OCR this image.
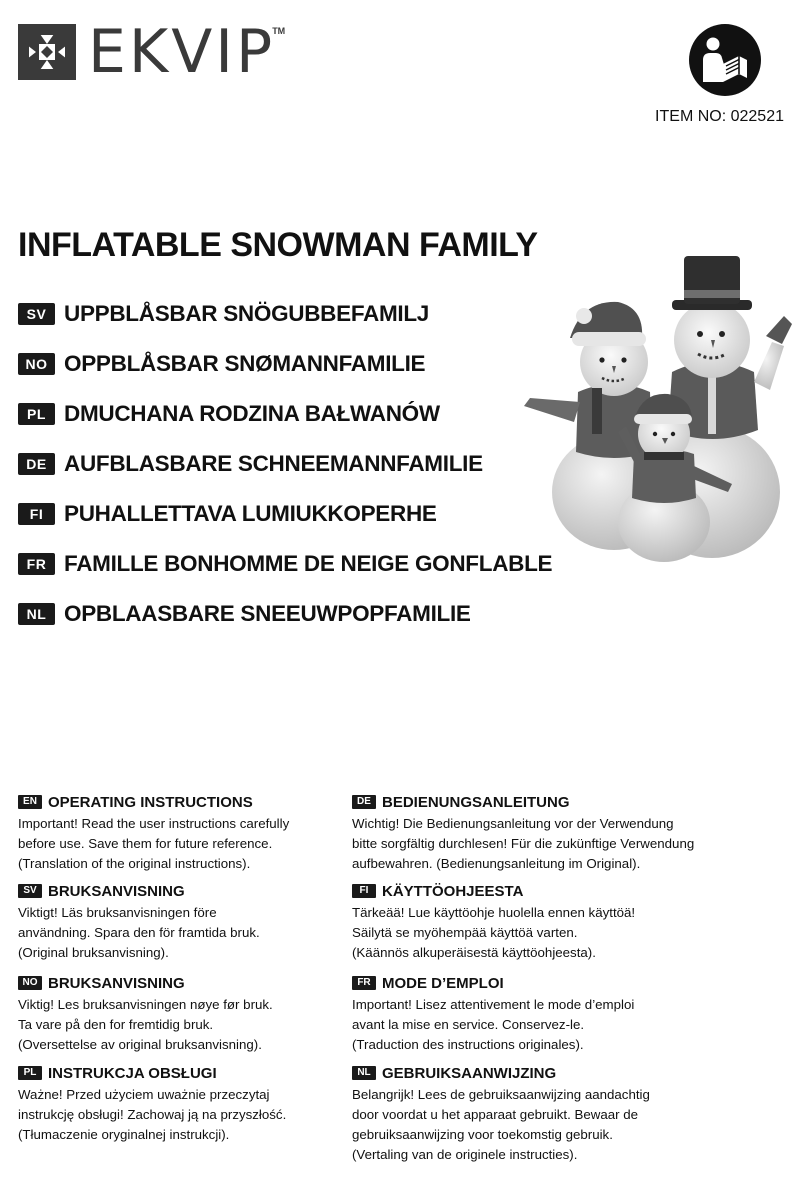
EKVIP
TM
ITEM NO: 022521
INFLATABLE SNOWMAN FAMILY
SV UPPBLÅSBAR SNÖGUBBEFAMILJ
NO OPPBLÅSBAR SNØMANNFAMILIE
PL DMUCHANA RODZINA BAŁWANÓW
DE AUFBLASBARE SCHNEEMANNFAMILIE
FI PUHALLETTAVA LUMIUKKOPERHE
FR FAMILLE BONHOMME DE NEIGE GONFLABLE
NL OPBLAASBARE SNEEUWPOPFAMILIE
EN OPERATING INSTRUCTIONS
Important! Read the user instructions carefully
before use. Save them for future reference.
(Translation of the original instructions).
SV BRUKSANVISNING
Viktigt! Läs bruksanvisningen före
användning. Spara den för framtida bruk.
(Original bruksanvisning).
NO BRUKSANVISNING
Viktig! Les bruksanvisningen nøye før bruk.
Ta vare på den for fremtidig bruk.
(Oversettelse av original bruksanvisning).
PL INSTRUKCJA OBSŁUGI
Ważne! Przed użyciem uważnie przeczytaj
instrukcję obsługi! Zachowaj ją na przyszłość.
(Tłumaczenie oryginalnej instrukcji).
DE BEDIENUNGSANLEITUNG
Wichtig! Die Bedienungsanleitung vor der Verwendung
bitte sorgfältig durchlesen! Für die zukünftige Verwendung
aufbewahren. (Bedienungsanleitung im Original).
FI KÄYTTÖOHJEESTA
Tärkeää! Lue käyttöohje huolella ennen käyttöä!
Säilytä se myöhempää käyttöä varten.
(Käännös alkuperäisestä käyttöohjeesta).
FR MODE D’EMPLOI
Important! Lisez attentivement le mode d’emploi
avant la mise en service. Conservez-le.
(Traduction des instructions originales).
NL GEBRUIKSAANWIJZING
Belangrijk! Lees de gebruiksaanwijzing aandachtig
door voordat u het apparaat gebruikt. Bewaar de
gebruiksaanwijzing voor toekomstig gebruik.
(Vertaling van de originele instructies).
